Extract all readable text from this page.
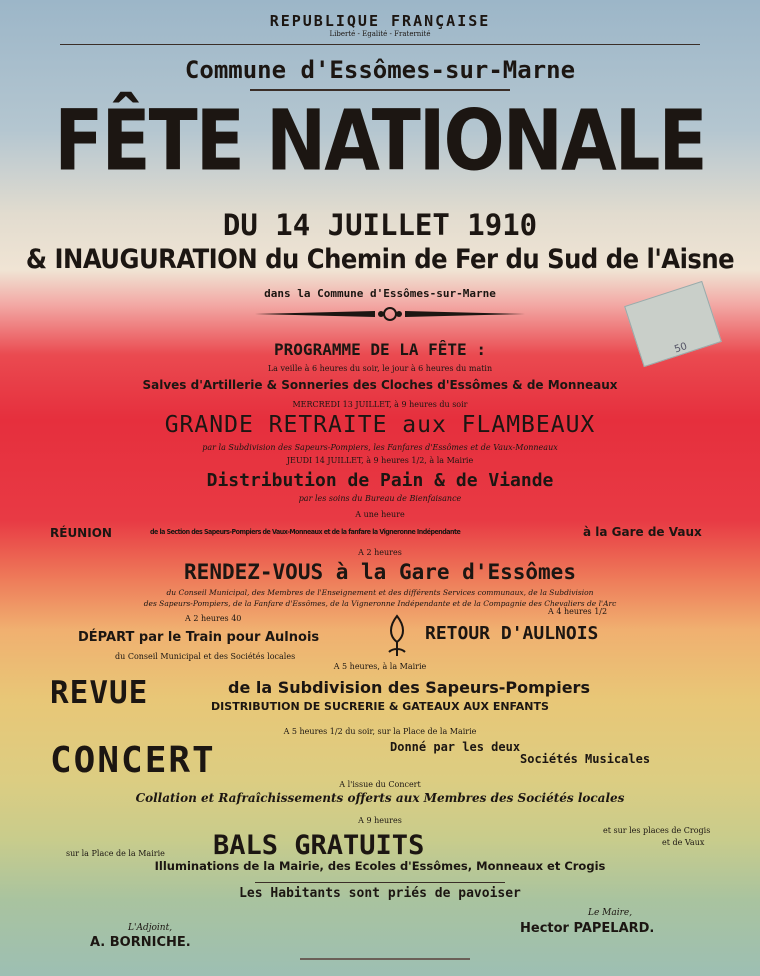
REPUBLIQUE FRANÇAISE
Liberté - Egalité - Fraternité
Commune d'Essômes-sur-Marne
FÊTE NATIONALE
DU 14 JUILLET 1910
& INAUGURATION du Chemin de Fer du Sud de l'Aisne
dans la Commune d'Essômes-sur-Marne
50
PROGRAMME DE LA FÊTE :
La veille à 6 heures du soir, le jour à 6 heures du matin
Salves d'Artillerie & Sonneries des Cloches d'Essômes & de Monneaux
MERCREDI 13 JUILLET, à 9 heures du soir
GRANDE RETRAITE aux FLAMBEAUX
par la Subdivision des Sapeurs-Pompiers, les Fanfares d'Essômes et de Vaux-Monneaux
JEUDI 14 JUILLET, à 9 heures 1/2, à la Mairie
Distribution de Pain & de Viande
par les soins du Bureau de Bienfaisance
A une heure
RÉUNION	de la Section des Sapeurs-Pompiers de Vaux-Monneaux et de la fanfare la Vigneronne Indépendante	à la Gare de Vaux
A 2 heures
RENDEZ-VOUS à la Gare d'Essômes
du Conseil Municipal, des Membres de l'Enseignement et des différents Services communaux, de la Subdivision
des Sapeurs-Pompiers, de la Fanfare d'Essômes, de la Vigneronne Indépendante et de la Compagnie des Chevaliers de l'Arc
A 2 heures 40
DÉPART par le Train pour Aulnois
du Conseil Municipal et des Sociétés locales
A 4 heures 1/2
RETOUR D'AULNOIS
A 5 heures, à la Mairie
REVUE	de la Subdivision des Sapeurs-Pompiers
DISTRIBUTION DE SUCRERIE & GATEAUX AUX ENFANTS
A 5 heures 1/2 du soir, sur la Place de la Mairie
CONCERT	Donné par les deux
Sociétés Musicales
A l'issue du Concert
Collation et Rafraîchissements offerts aux Membres des Sociétés locales
A 9 heures
sur la Place de la Mairie BALS GRATUITS	et sur les places de Crogis
et de Vaux
Illuminations de la Mairie, des Ecoles d'Essômes, Monneaux et Crogis
Les Habitants sont priés de pavoiser
L'Adjoint,
A. BORNICHE.
Le Maire,
Hector PAPELARD.
